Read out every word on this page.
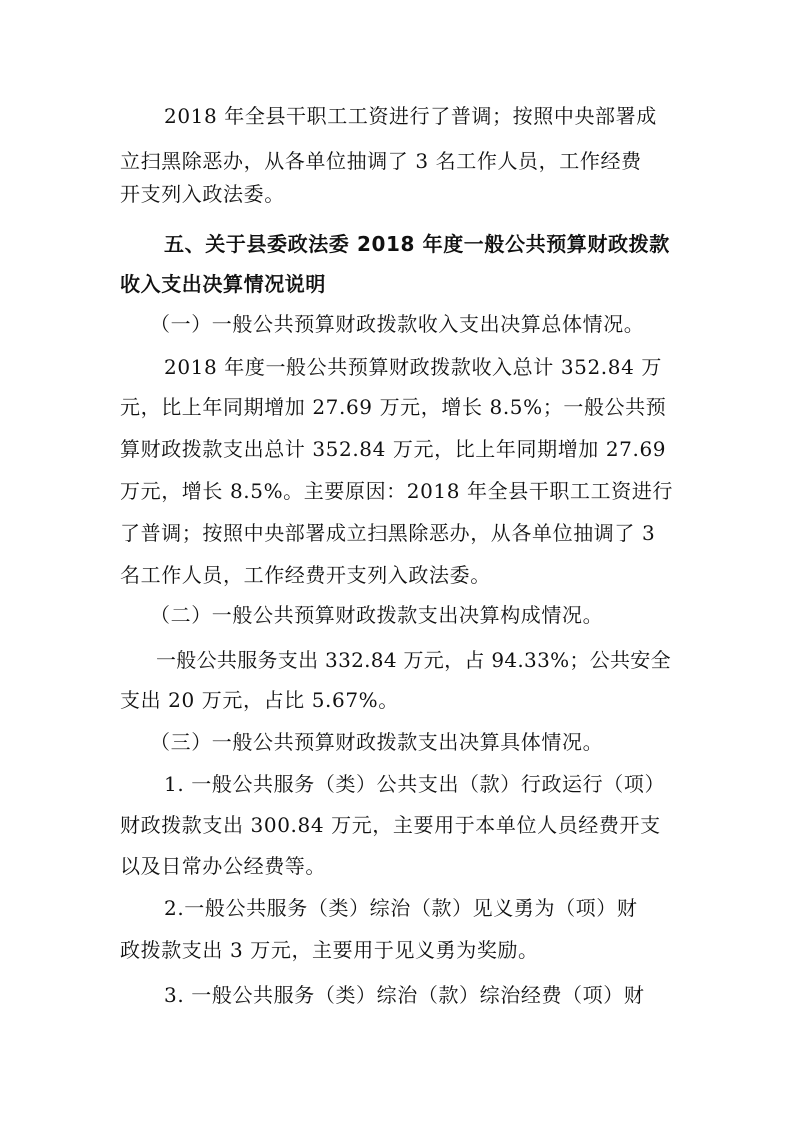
2018 年全县干职工工资进行了普调；按照中央部署成

立扫黑除恶办，从各单位抽调了 3 名工作人员，工作经费

开支列入政法委。

五、关于县委政法委 2018 年度一般公共预算财政拨款

收入支出决算情况说明

（一）一般公共预算财政拨款收入支出决算总体情况。

2018 年度一般公共预算财政拨款收入总计 352.84 万

元，比上年同期增加 27.69 万元，增长 8.5%；一般公共预

算财政拨款支出总计 352.84 万元，比上年同期增加 27.69

万元，增长 8.5%。主要原因：2018 年全县干职工工资进行

了普调；按照中央部署成立扫黑除恶办，从各单位抽调了 3

名工作人员，工作经费开支列入政法委。

（二）一般公共预算财政拨款支出决算构成情况。

一般公共服务支出 332.84 万元，占 94.33%；公共安全

支出 20 万元，占比 5.67%。

（三）一般公共预算财政拨款支出决算具体情况。

1. 一般公共服务（类）公共支出（款）行政运行（项）

财政拨款支出 300.84 万元，主要用于本单位人员经费开支

以及日常办公经费等。

2.一般公共服务（类）综治（款）见义勇为（项）财

政拨款支出 3 万元，主要用于见义勇为奖励。

3. 一般公共服务（类）综治（款）综治经费（项）财
